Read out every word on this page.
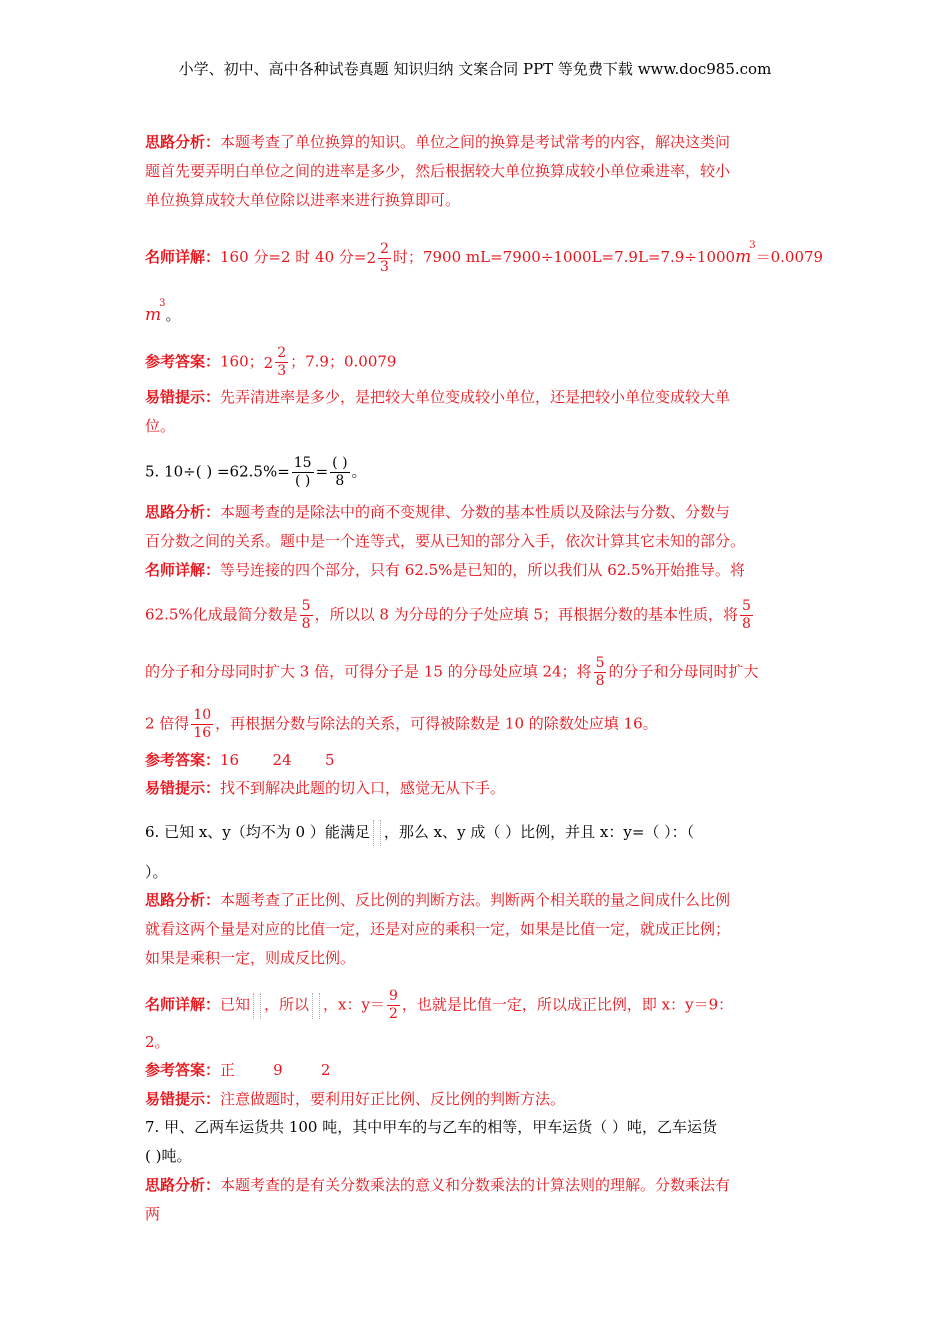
小学、初中、高中各种试卷真题 知识归纳 文案合同 PPT 等免费下载 www.doc985.com
思路分析：本题考查了单位换算的知识。单位之间的换算是考试常考的内容，解决这类问
题首先要弄明白单位之间的进率是多少，然后根据较大单位换算成较小单位乘进率，较小
单位换算成较大单位除以进率来进行换算即可。
名师详解：160 分=2 时 40 分= $2 \frac{2}{3}$ 时；7900 $mL=7900\div 1000L=7.9L=7.9\div 1000m^3=0.0079$
$m^3$。
参考答案：160； $2 \frac{2}{3}$ ；7.9；0.0079
易错提示：先弄清进率是多少，是把较大单位变成较小单位，还是把较小单位变成较大单
位。
5. 10÷( ) $=62.5\%= \frac{15}{( )} = \frac{( )}{8}$ 。
思路分析：本题考查的是除法中的商不变规律、分数的基本性质以及除法与分数、分数与
百分数之间的关系。题中是一个连等式，要从已知的部分入手，依次计算其它未知的部分。
名师详解：等号连接的四个部分，只有 62.5%是已知的，所以我们从 62.5%开始推导。将
62.5%化成最简分数是 $\frac{5}{8}$ ，所以以 8 为分母的分子处应填 5；再根据分数的基本性质，将 $\frac{5}{8}$
的分子和分母同时扩大 3 倍，可得分子是 15 的分母处应填 24；将 $\frac{5}{8}$ 的分子和分母同时扩大
2 倍得 $\frac{10}{16}$ ，再根据分数与除法的关系，可得被除数是 10 的除数处应填 16。
参考答案：16       24       5
易错提示：找不到解决此题的切入口，感觉无从下手。
6. 已知 x、y（均不为 0 ）能满足 ，那么 x、y 成（ ）比例，并且 x：y=（ ）：（
）。
思路分析：本题考查了正比例、反比例的判断方法。判断两个相关联的量之间成什么比例
就看这两个量是对应的比值一定，还是对应的乘积一定，如果是比值一定，就成正比例；
如果是乘积一定，则成反比例。
名师详解：已知 ，所以 ，x：$y= \frac{9}{2}$ ，也就是比值一定，所以成正比例，即 x：y＝9：
2。
参考答案：正        9        2
易错提示：注意做题时，要利用好正比例、反比例的判断方法。
7. 甲、乙两车运货共 100 吨，其中甲车的与乙车的相等，甲车运货（ ）吨，乙车运货
( )吨。
思路分析：本题考查的是有关分数乘法的意义和分数乘法的计算法则的理解。分数乘法有
两
